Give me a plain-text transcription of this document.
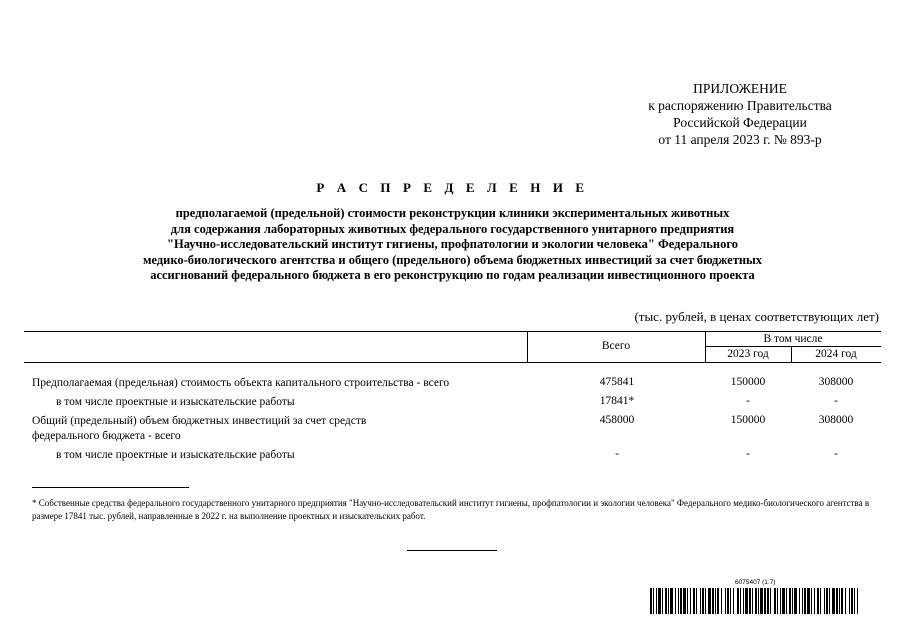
ПРИЛОЖЕНИЕ
к распоряжению Правительства
Российской Федерации
от 11 апреля 2023 г. № 893-р
Р А С П Р Е Д Е Л Е Н И Е
предполагаемой (предельной) стоимости реконструкции клиники экспериментальных животных
для содержания лабораторных животных федерального государственного унитарного предприятия
"Научно-исследовательский институт гигиены, профпатологии и экологии человека" Федерального
медико-биологического агентства и общего (предельного) объема бюджетных инвестиций за счет бюджетных
ассигнований федерального бюджета в его реконструкцию по годам реализации инвестиционного проекта
(тыс. рублей, в ценах соответствующих лет)
Всего
В том числе
2023 год	2024 год
Предполагаемая (предельная) стоимость объекта капитального строительства - всего	475841	150000	308000
в том числе проектные и изыскательские работы	17841*	-	-
Общий (предельный) объем бюджетных инвестиций за счет средств
федерального бюджета - всего
458000	150000	308000
в том числе проектные и изыскательские работы	-	-	-
* Собственные средства федерального государственного унитарного предприятия "Научно-исследовательский институт гигиены, профпатологии и экологии человека" Федерального медико-биологического агентства в размере 17841 тыс. рублей, направленные в 2022 г. на выполнение проектных и изыскательских работ.
6075407 (1.7)
